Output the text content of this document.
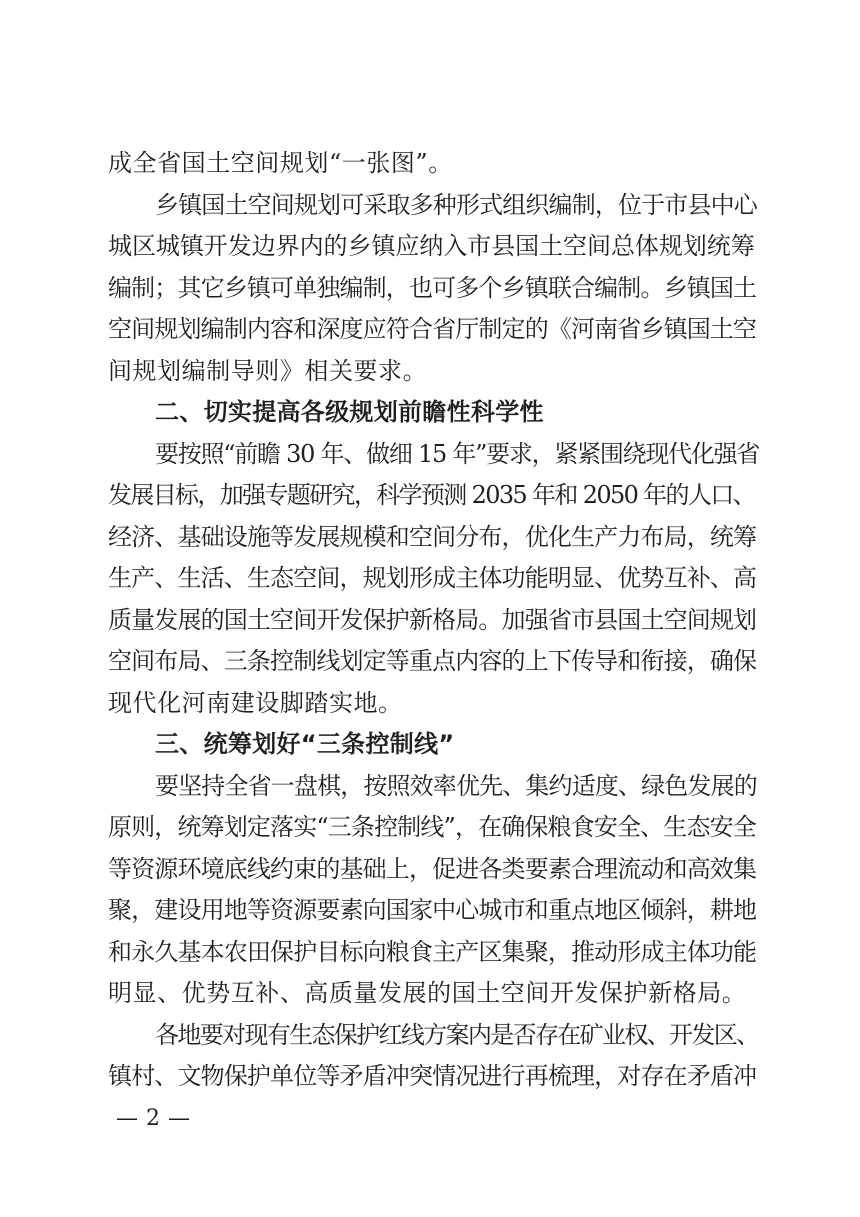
成全省国土空间规划“一张图”。
乡镇国土空间规划可采取多种形式组织编制，位于市县中心
城区城镇开发边界内的乡镇应纳入市县国土空间总体规划统筹
编制；其它乡镇可单独编制，也可多个乡镇联合编制。乡镇国土
空间规划编制内容和深度应符合省厅制定的《河南省乡镇国土空
间规划编制导则》相关要求。
二、切实提高各级规划前瞻性科学性
要按照“前瞻 30 年、做细 15 年”要求，紧紧围绕现代化强省
发展目标，加强专题研究，科学预测 2035 年和 2050 年的人口、
经济、基础设施等发展规模和空间分布，优化生产力布局，统筹
生产、生活、生态空间，规划形成主体功能明显、优势互补、高
质量发展的国土空间开发保护新格局。加强省市县国土空间规划
空间布局、三条控制线划定等重点内容的上下传导和衔接，确保
现代化河南建设脚踏实地。
三、统筹划好“三条控制线”
要坚持全省一盘棋，按照效率优先、集约适度、绿色发展的
原则，统筹划定落实“三条控制线”，在确保粮食安全、生态安全
等资源环境底线约束的基础上，促进各类要素合理流动和高效集
聚，建设用地等资源要素向国家中心城市和重点地区倾斜，耕地
和永久基本农田保护目标向粮食主产区集聚，推动形成主体功能
明显、优势互补、高质量发展的国土空间开发保护新格局。
各地要对现有生态保护红线方案内是否存在矿业权、开发区、
镇村、文物保护单位等矛盾冲突情况进行再梳理，对存在矛盾冲
— 2 —
